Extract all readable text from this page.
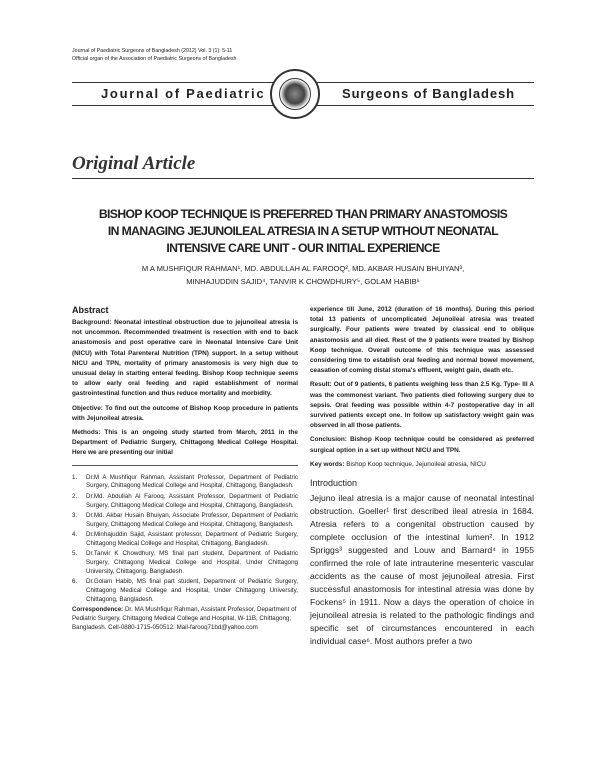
Journal of Paediatric Surgeons of Bangladesh (2012) Vol. 3 (1): 5-11
Official organ of the Association of Paediatric Surgeons of Bangladesh
Journal of Paediatric	Surgeons of Bangladesh
Original Article
BISHOP KOOP TECHNIQUE IS PREFERRED THAN PRIMARY ANASTOMOSIS
IN MANAGING JEJUNOILEAL ATRESIA IN A SETUP WITHOUT NEONATAL
INTENSIVE CARE UNIT - OUR INITIAL EXPERIENCE
M A MUSHFIQUR RAHMAN¹, MD. ABDULLAH AL FAROOQ², MD. AKBAR HUSAIN BHUIYAN³,
MINHAJUDDIN SAJID⁴, TANVIR K CHOWDHURY⁵, GOLAM HABIB⁶
Abstract

Background: Neonatal intestinal obstruction due to jejunoileal atresia is not uncommon. Recommended treatment is resection with end to back anastomosis and post operative care in Neonatal Intensive Care Unit (NICU) with Total Parenteral Nutrition (TPN) support. In a setup without NICU and TPN, mortality of primary anastomosis is very high due to unusual delay in starting enteral feeding. Bishop Koop technique seems to allow early oral feeding and rapid establishment of normal gastrointestinal function and thus reduce mortality and morbidity.

Objective: To find out the outcome of Bishop Koop procedure in patients with Jejunoileal atresia.

Methods: This is an ongoing study started from March, 2011 in the Department of Pediatric Surgery, Chittagong Medical College Hospital. Here we are presenting our initial

1.	Dr.M A Mushfiqur Rahman, Assistant Professor, Department of Pediatric Surgery, Chittagong Medical College and Hospital, Chittagong, Bangladesh.
2.	Dr.Md. Abdullah Al Farooq, Assistant Professor, Department of Pediatric Surgery, Chittagong Medical College and Hospital, Chittagong, Bangladesh.
3.	Dr.Md. Akbar Husain Bhuiyan, Associate Professor, Department of Pediatric Surgery, Chittagong Medical College and Hospital, Chittagong, Bangladesh.
4.	Dr.Minhajuddin Sajid, Assistant professor, Department of Pediatric Surgery, Chittagong Medical College and Hospital, Chittagong, Bangladesh.
5.	Dr.Tanvir K Chowdhury, MS final part student, Department of Pediatric Surgery, Chittagong Medical College and Hospital, Under Chittagong University, Chittagong, Bangladesh.
6.	Dr.Golam Habib, MS final part student, Department of Pediatric Surgery, Chittagong Medical College and Hospital, Under Chittagong University, Chittagong, Bangladesh.
Correspondence: Dr. MA Mushfiqur Rahman, Assistant Professor, Department of Pediatric Surgery, Chittagong Medical College and Hospital, W-11B, Chittagong, Bangladesh. Cell-0880-1715-050512. Mail-farooq71bd@yahoo.com

experience till June, 2012 (duration of 16 months). During this period total 13 patients of uncomplicated Jejunoileal atresia was treated surgically. Four patients were treated by classical end to oblique anastomosis and all died. Rest of the 9 patients were treated by Bishop Koop technique. Overall outcome of this technique was assessed considering time to establish oral feeding and normal bowel movement, ceasation of coming distal stoma's effluent, weight gain, death etc.

Result: Out of 9 patients, 6 patients weighing less than 2.5 Kg. Type- III A was the commonest variant. Two patients died following surgery due to sepsis. Oral feeding was possible within 4-7 postoperative day in all survived patients except one. In follow up satisfactory weight gain was observed in all those patients.

Conclusion: Bishop Koop technique could be considered as preferred surgical option in a set up without NICU and TPN.

Key words: Bishop Koop technique, Jejunoileal atresia, NICU

Introduction
Jejuno ileal atresia is a major cause of neonatal intestinal obstruction. Goeller¹ first described ileal atresia in 1684. Atresia refers to a congenital obstruction caused by complete occlusion of the intestinal lumen². In 1912 Spriggs³ suggested and Louw and Barnard⁴ in 1955 confirmed the role of late intrauterine mesenteric vascular accidents as the cause of most jejunoileal atresia. First successful anastomosis for intestinal atresia was done by Fockens⁵ in 1911. Now a days the operation of choice in jejunoileal atresia is related to the pathologic findings and specific set of circumstances encountered in each individual case⁶. Most authors prefer a two
